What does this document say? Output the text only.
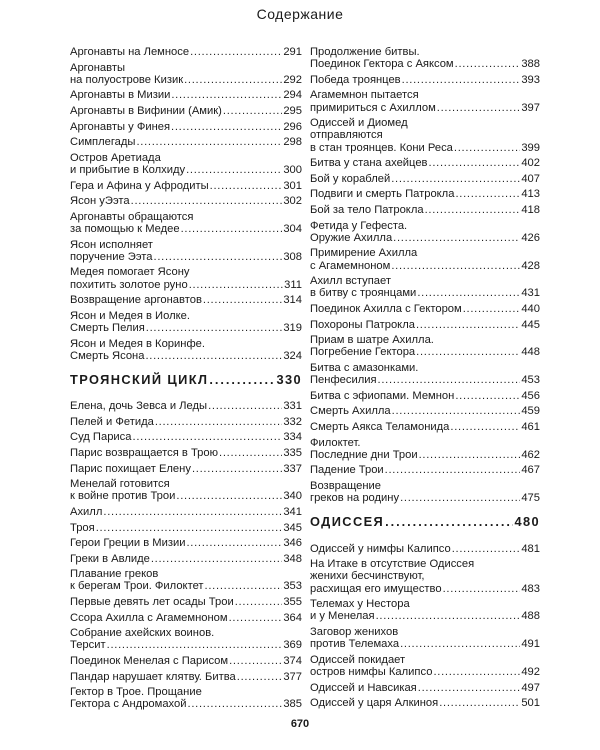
Содержание
Аргонавты на Лемносе . . .	291
Аргонавты
на полуострове Кизик . . .	292
Аргонавты в Мизии . . .	294
Аргонавты в Вифинии (Амик) . . .	295
Аргонавты у Финея . . .	296
Симплегады . . .	298
Остров Аретиада
и прибытие в Колхиду . . .	300
Гера и Афина у Афродиты . . .	301
Ясон уЭэта . . .	302
Аргонавты обращаются
за помощью к Медее . . .	304
Ясон исполняет
поручение Ээта . . .	308
Медея помогает Ясону
похитить золотое руно . . .	311
Возвращение аргонавтов . . .	314
Ясон и Медея в Иолке.
Смерть Пелия . . .	319
Ясон и Медея в Коринфе.
Смерть Ясона . . .	324
ТРОЯНСКИЙ ЦИКЛ . . .	330
Елена, дочь Зевса и Леды . . .	331
Пелей и Фетида . . .	332
Суд Париса . . .	334
Парис возвращается в Трою . . .	335
Парис похищает Елену . . .	337
Менелай готовится
к войне против Трои . . .	340
Ахилл . . .	341
Троя . . .	345
Герои Греции в Мизии . . .	346
Греки в Авлиде . . .	348
Плавание греков
к берегам Трои. Филоктет . . .	353
Первые девять лет осады Трои . . .	355
Ссора Ахилла с Агамемноном . . .	364
Собрание ахейских воинов.
Терсит . . .	369
Поединок Менелая с Парисом . . .	374
Пандар нарушает клятву. Битва . . .	377
Гектор в Трое. Прощание
Гектора с Андромахой . . .	385
Продолжение битвы.
Поединок Гектора с Аяксом . . .	388
Победа троянцев . . .	393
Агамемнон пытается
примириться с Ахиллом . . .	397
Одиссей и Диомед
отправляются
в стан троянцев. Кони Реса . . .	399
Битва у стана ахейцев . . .	402
Бой у кораблей . . .	407
Подвиги и смерть Патрокла . . .	413
Бой за тело Патрокла . . .	418
Фетида у Гефеста.
Оружие Ахилла . . .	426
Примирение Ахилла
с Агамемноном . . .	428
Ахилл вступает
в битву с троянцами . . .	431
Поединок Ахилла с Гектором . . .	440
Похороны Патрокла . . .	445
Приам в шатре Ахилла.
Погребение Гектора . . .	448
Битва с амазонками.
Пенфесилия . . .	453
Битва с эфиопами. Мемнон . . .	456
Смерть Ахилла . . .	459
Смерть Аякса Теламонида . . .	461
Филоктет.
Последние дни Трои . . .	462
Падение Трои . . .	467
Возвращение
греков на родину . . .	475
ОДИССЕЯ . . .	480
Одиссей у нимфы Калипсо . . .	481
На Итаке в отсутствие Одиссея
женихи бесчинствуют,
расхищая его имущество . . .	483
Телемах у Нестора
и у Менелая . . .	488
Заговор женихов
против Телемаха . . .	491
Одиссей покидает
остров нимфы Калипсо . . .	492
Одиссей и Навсикая . . .	497
Одиссей у царя Алкиноя . . .	501
670
